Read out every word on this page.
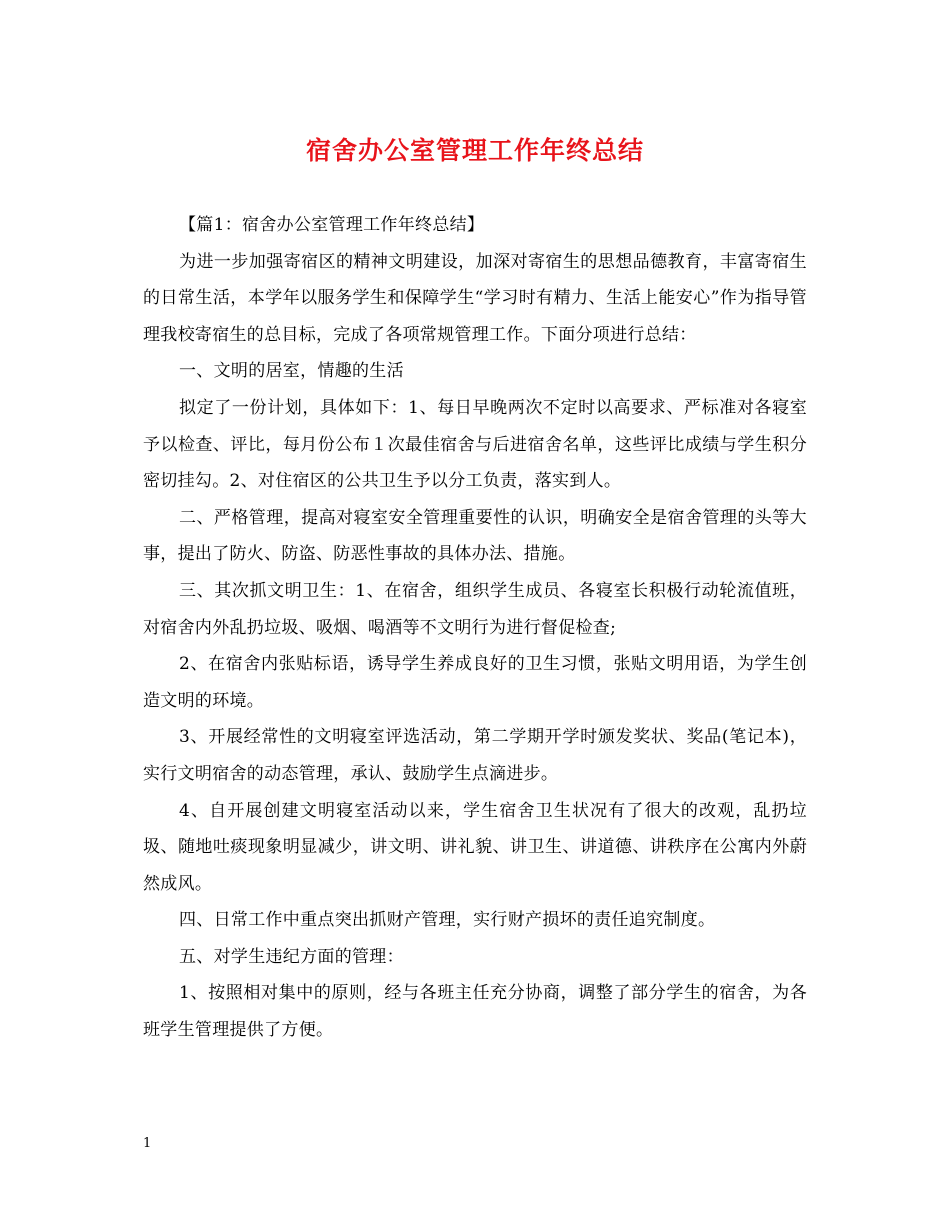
宿舍办公室管理工作年终总结

【篇1：宿舍办公室管理工作年终总结】

为进一步加强寄宿区的精神文明建设，加深对寄宿生的思想品德教育，丰富寄宿生的日常生活，本学年以服务学生和保障学生“学习时有精力、生活上能安心”作为指导管理我校寄宿生的总目标，完成了各项常规管理工作。下面分项进行总结：

一、文明的居室，情趣的生活

拟定了一份计划，具体如下：1、每日早晚两次不定时以高要求、严标准对各寝室予以检查、评比，每月份公布１次最佳宿舍与后进宿舍名单，这些评比成绩与学生积分密切挂勾。2、对住宿区的公共卫生予以分工负责，落实到人。

二、严格管理，提高对寝室安全管理重要性的认识，明确安全是宿舍管理的头等大事，提出了防火、防盗、防恶性事故的具体办法、措施。

三、其次抓文明卫生：1、在宿舍，组织学生成员、各寝室长积极行动轮流值班，对宿舍内外乱扔垃圾、吸烟、喝酒等不文明行为进行督促检查;

2、在宿舍内张贴标语，诱导学生养成良好的卫生习惯，张贴文明用语，为学生创造文明的环境。

3、开展经常性的文明寝室评选活动，第二学期开学时颁发奖状、奖品(笔记本)，实行文明宿舍的动态管理，承认、鼓励学生点滴进步。

4、自开展创建文明寝室活动以来，学生宿舍卫生状况有了很大的改观，乱扔垃圾、随地吐痰现象明显减少，讲文明、讲礼貌、讲卫生、讲道德、讲秩序在公寓内外蔚然成风。

四、日常工作中重点突出抓财产管理，实行财产损坏的责任追究制度。

五、对学生违纪方面的管理：

1、按照相对集中的原则，经与各班主任充分协商，调整了部分学生的宿舍，为各班学生管理提供了方便。

1
